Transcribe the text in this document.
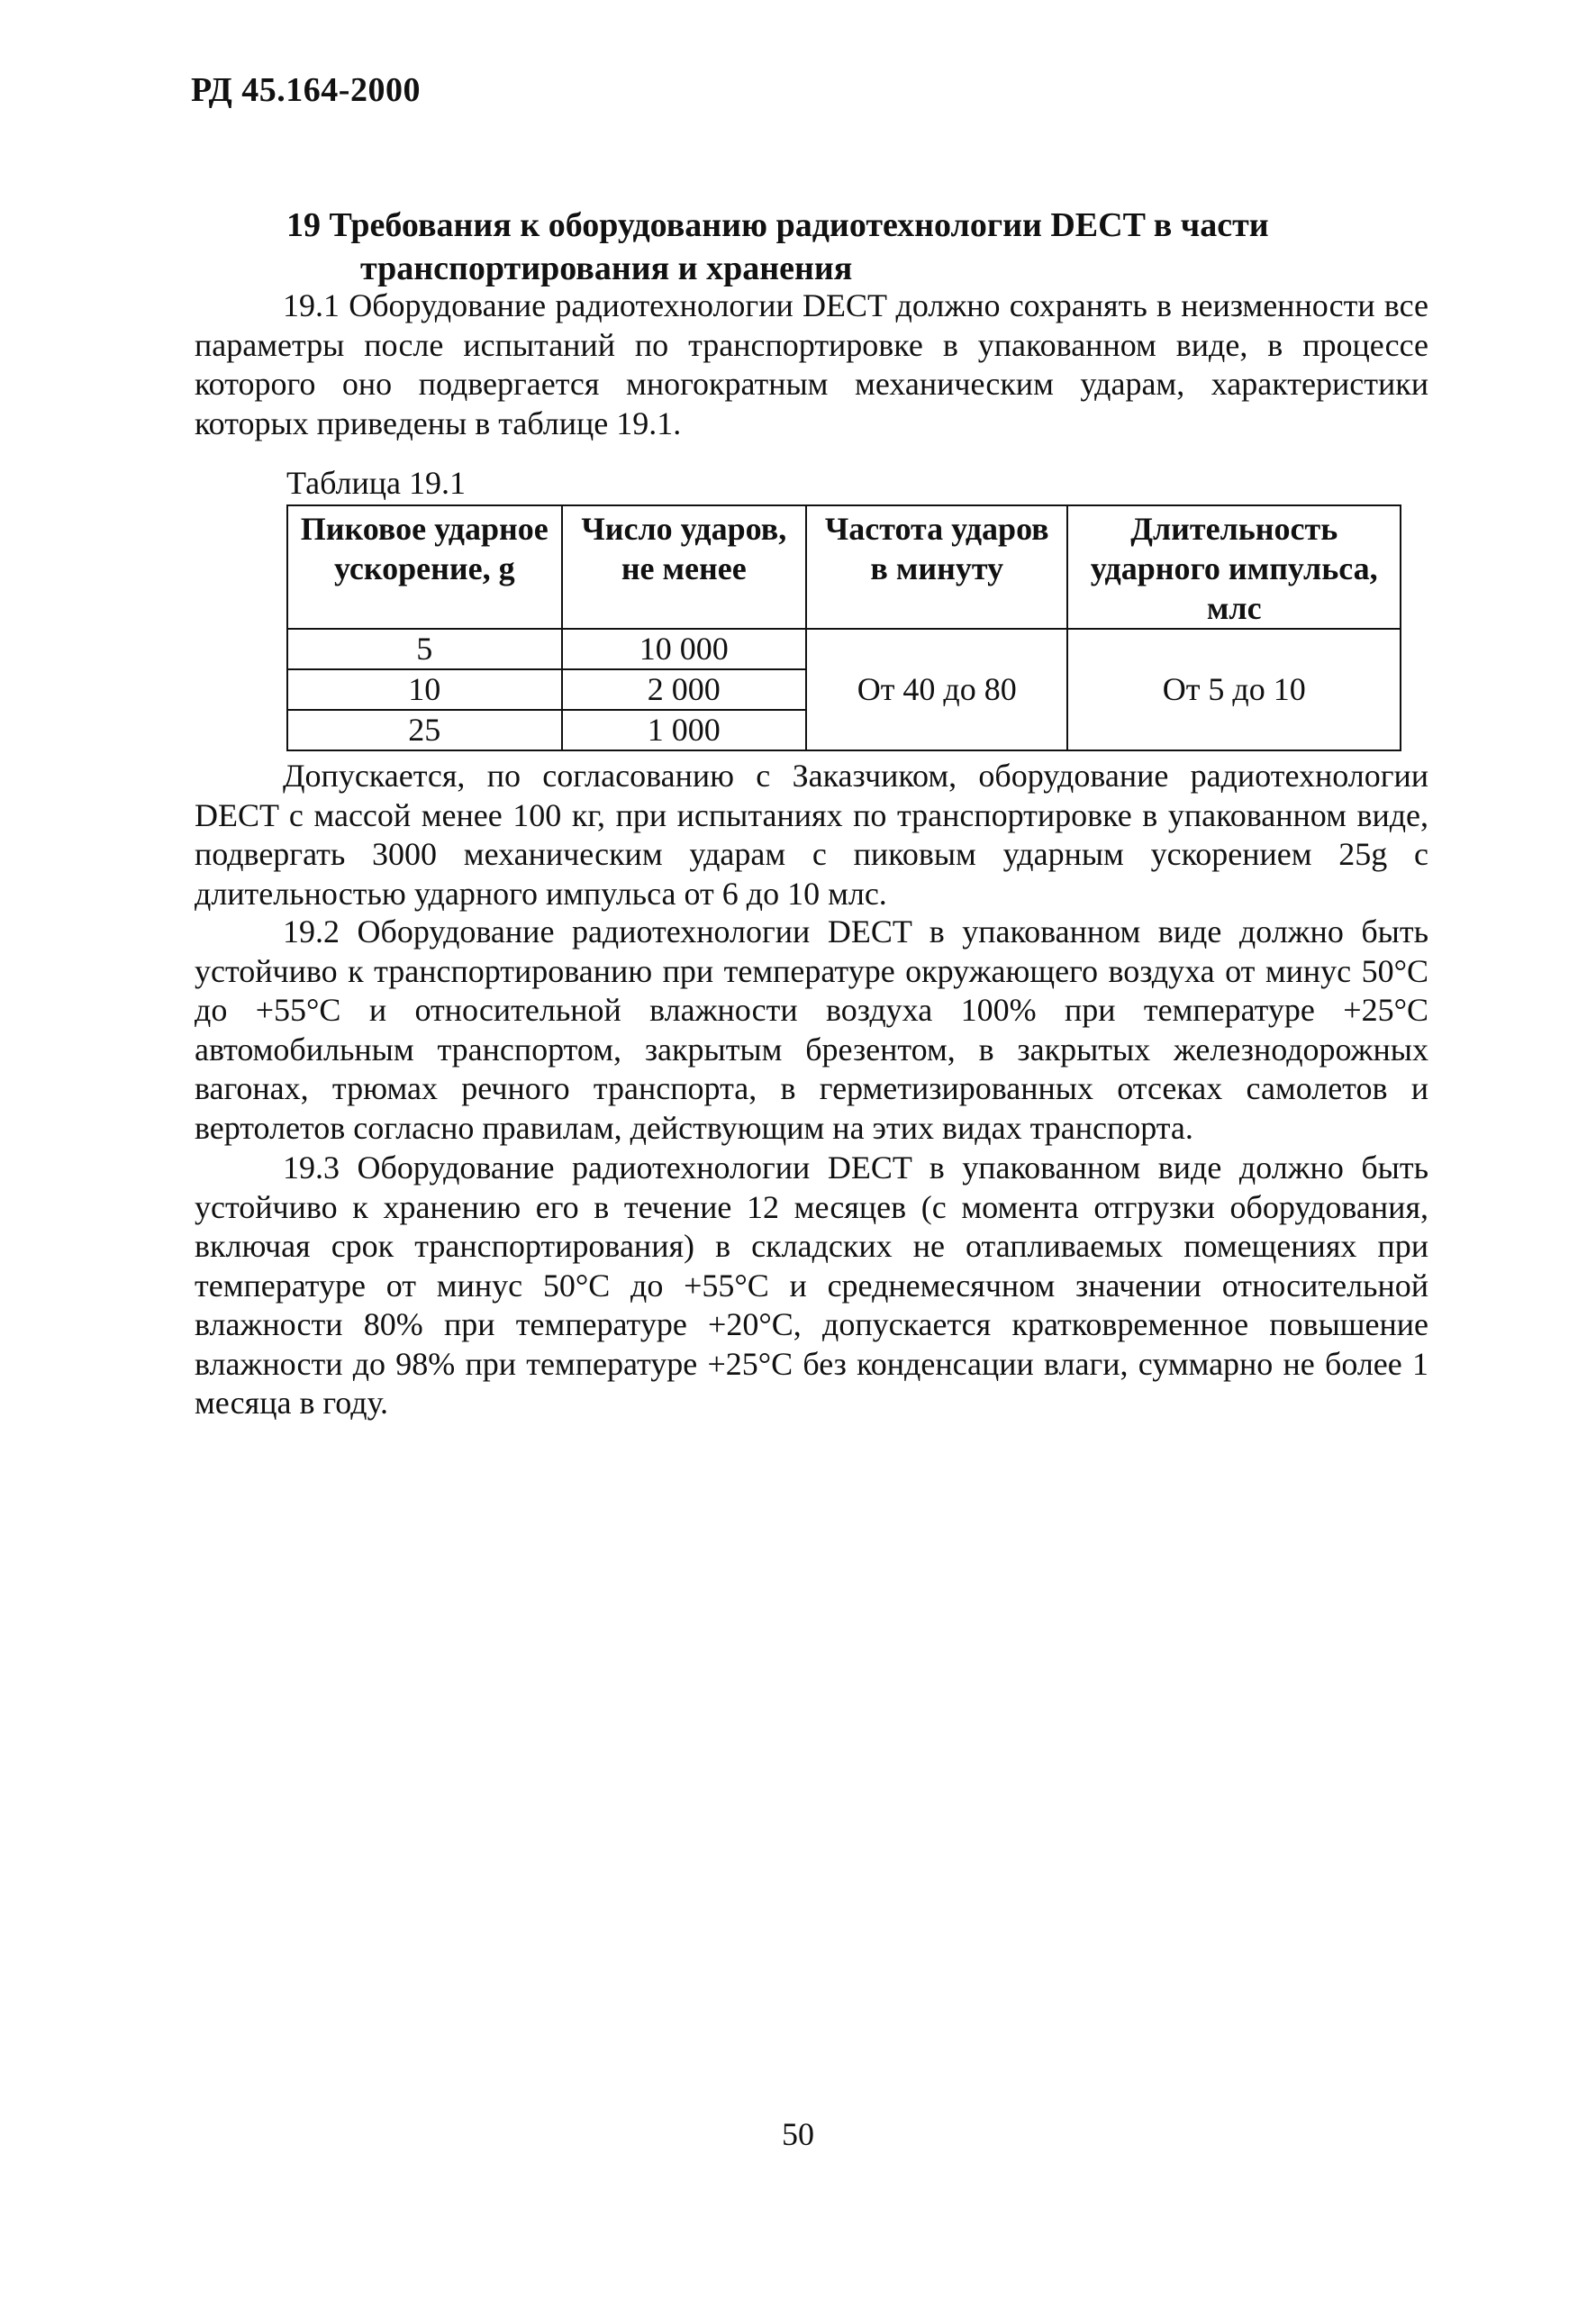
РД 45.164-2000
19 Требования к оборудованию радиотехнологии DECT в части
транспортирования и хранения

19.1 Оборудование радиотехнологии DECT должно сохранять в неизменности все параметры после испытаний по транспортировке в упакованном виде, в процессе которого оно подвергается многократным механическим ударам, характеристики которых приведены в таблице 19.1.

Таблица 19.1
Пиковое ударное ускорение, g	Число ударов, не менее	Частота ударов в минуту	Длительность ударного импульса, млс
5	10 000	От 40 до 80	От 5 до 10
10	2 000		
25	1 000		

Допускается, по согласованию с Заказчиком, оборудование радиотехнологии DECT с массой менее 100 кг, при испытаниях по транспортировке в упакованном виде, подвергать 3000 механическим ударам с пиковым ударным ускорением 25g с длительностью ударного импульса от 6 до 10 млс.

19.2 Оборудование радиотехнологии DECT в упакованном виде должно быть устойчиво к транспортированию при температуре окружающего воздуха от минус 50°С до +55°С и относительной влажности воздуха 100% при температуре +25°С автомобильным транспортом, закрытым брезентом, в закрытых железнодорожных вагонах, трюмах речного транспорта, в герметизированных отсеках самолетов и вертолетов согласно правилам, действующим на этих видах транспорта.

19.3 Оборудование радиотехнологии DECT в упакованном виде должно быть устойчиво к хранению его в течение 12 месяцев (с момента отгрузки оборудования, включая срок транспортирования) в складских не отапливаемых помещениях при температуре от минус 50°С до +55°С и среднемесячном значении относительной влажности 80% при температуре +20°С, допускается кратковременное повышение влажности до 98% при температуре +25°С без конденсации влаги, суммарно не более 1 месяца в году.

50
